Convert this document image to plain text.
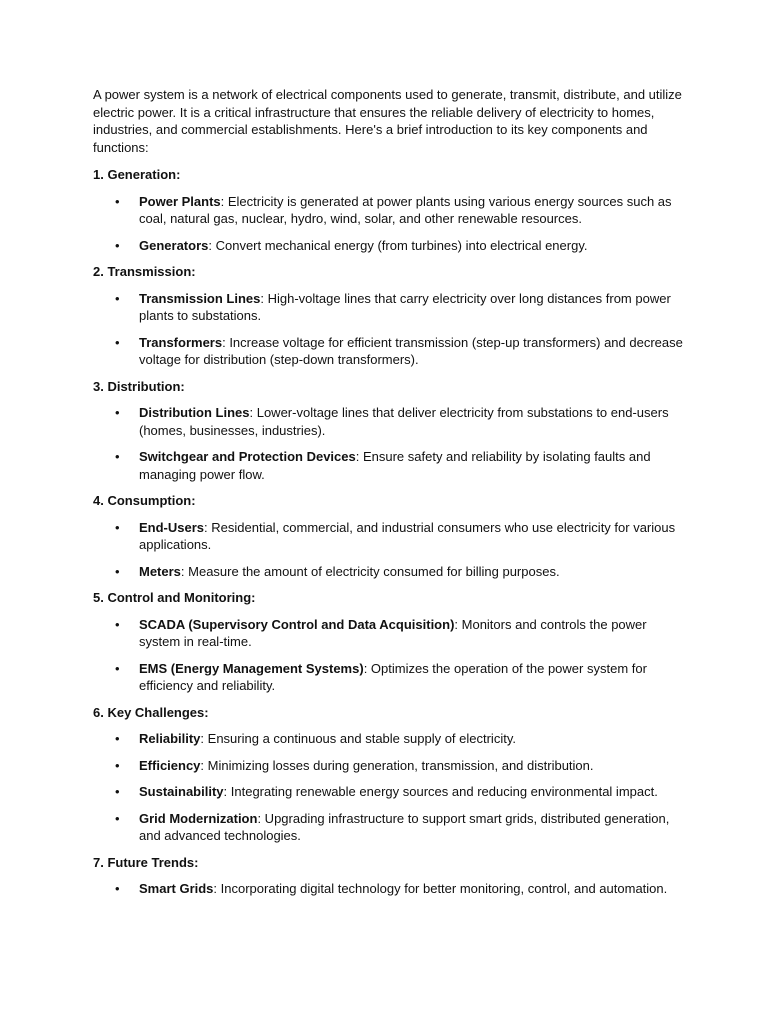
A power system is a network of electrical components used to generate, transmit, distribute, and utilize electric power. It is a critical infrastructure that ensures the reliable delivery of electricity to homes, industries, and commercial establishments. Here's a brief introduction to its key components and functions:

1. Generation:
• Power Plants: Electricity is generated at power plants using various energy sources such as coal, natural gas, nuclear, hydro, wind, solar, and other renewable resources.
• Generators: Convert mechanical energy (from turbines) into electrical energy.
2. Transmission:
• Transmission Lines: High-voltage lines that carry electricity over long distances from power plants to substations.
• Transformers: Increase voltage for efficient transmission (step-up transformers) and decrease voltage for distribution (step-down transformers).
3. Distribution:
• Distribution Lines: Lower-voltage lines that deliver electricity from substations to end-users (homes, businesses, industries).
• Switchgear and Protection Devices: Ensure safety and reliability by isolating faults and managing power flow.
4. Consumption:
• End-Users: Residential, commercial, and industrial consumers who use electricity for various applications.
• Meters: Measure the amount of electricity consumed for billing purposes.
5. Control and Monitoring:
• SCADA (Supervisory Control and Data Acquisition): Monitors and controls the power system in real-time.
• EMS (Energy Management Systems): Optimizes the operation of the power system for efficiency and reliability.
6. Key Challenges:
• Reliability: Ensuring a continuous and stable supply of electricity.
• Efficiency: Minimizing losses during generation, transmission, and distribution.
• Sustainability: Integrating renewable energy sources and reducing environmental impact.
• Grid Modernization: Upgrading infrastructure to support smart grids, distributed generation, and advanced technologies.
7. Future Trends:
• Smart Grids: Incorporating digital technology for better monitoring, control, and automation.
